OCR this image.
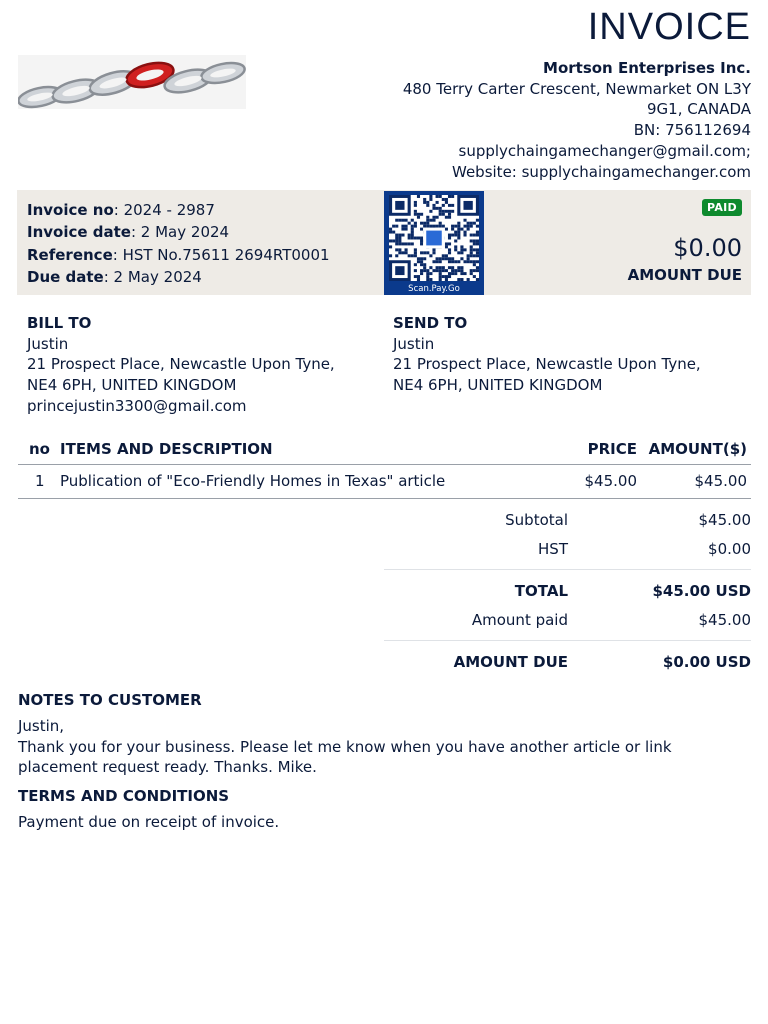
INVOICE
Mortson Enterprises Inc.
480 Terry Carter Crescent, Newmarket ON L3Y
9G1, CANADA
BN: 756112694
supplychaingamechanger@gmail.com;
Website: supplychaingamechanger.com
Invoice no: 2024 - 2987
Invoice date: 2 May 2024
Reference: HST No.75611 2694RT0001
Due date: 2 May 2024
Scan.Pay.Go
PAID
$0.00
AMOUNT DUE
BILL TO
Justin
21 Prospect Place, Newcastle Upon Tyne,
NE4 6PH, UNITED KINGDOM
princejustin3300@gmail.com
SEND TO
Justin
21 Prospect Place, Newcastle Upon Tyne,
NE4 6PH, UNITED KINGDOM
no ITEMS AND DESCRIPTION	PRICE AMOUNT($)
1 Publication of "Eco-Friendly Homes in Texas" article	$45.00	$45.00
Subtotal	$45.00
HST	$0.00
TOTAL	$45.00 USD
Amount paid	$45.00
AMOUNT DUE	$0.00 USD
NOTES TO CUSTOMER
Justin,
Thank you for your business. Please let me know when you have another article or link
placement request ready. Thanks. Mike.
TERMS AND CONDITIONS
Payment due on receipt of invoice.
